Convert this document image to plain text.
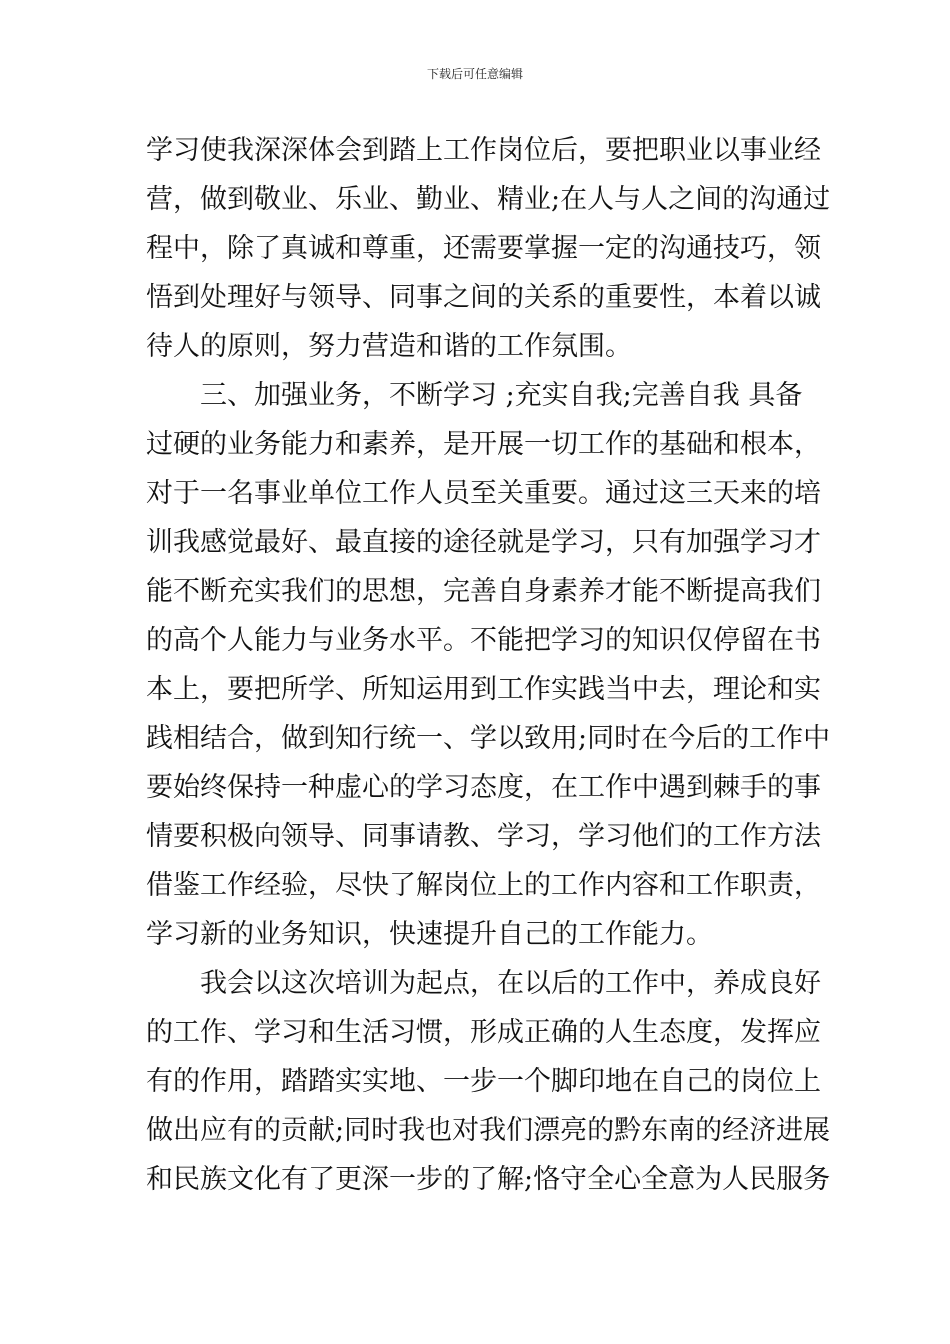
下载后可任意编辑
学习使我深深体会到踏上工作岗位后，要把职业以事业经
营，做到敬业、乐业、勤业、精业;在人与人之间的沟通过
程中，除了真诚和尊重，还需要掌握一定的沟通技巧，领
悟到处理好与领导、同事之间的关系的重要性，本着以诚
待人的原则，努力营造和谐的工作氛围。
三、加强业务，不断学习 ;充实自我;完善自我 具备
过硬的业务能力和素养，是开展一切工作的基础和根本，
对于一名事业单位工作人员至关重要。通过这三天来的培
训我感觉最好、最直接的途径就是学习，只有加强学习才
能不断充实我们的思想，完善自身素养才能不断提高我们
的高个人能力与业务水平。不能把学习的知识仅停留在书
本上，要把所学、所知运用到工作实践当中去，理论和实
践相结合，做到知行统一、学以致用;同时在今后的工作中
要始终保持一种虚心的学习态度，在工作中遇到棘手的事
情要积极向领导、同事请教、学习，学习他们的工作方法
借鉴工作经验，尽快了解岗位上的工作内容和工作职责，
学习新的业务知识，快速提升自己的工作能力。
我会以这次培训为起点，在以后的工作中，养成良好
的工作、学习和生活习惯，形成正确的人生态度，发挥应
有的作用，踏踏实实地、一步一个脚印地在自己的岗位上
做出应有的贡献;同时我也对我们漂亮的黔东南的经济进展
和民族文化有了更深一步的了解;恪守全心全意为人民服务
